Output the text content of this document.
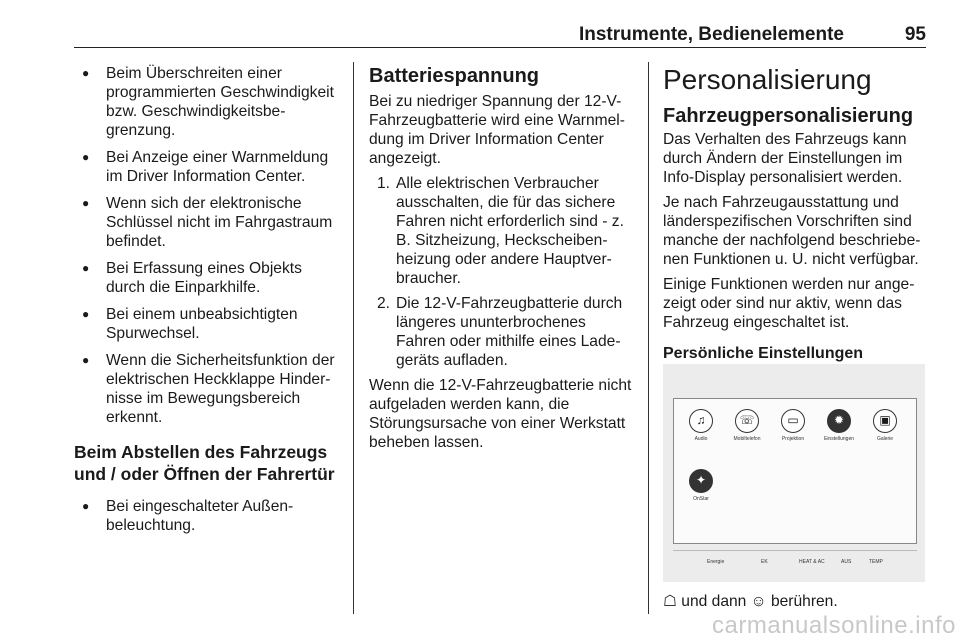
Instrumente, Bedienelemente	95
● Beim Überschreiten einer programmierten Geschwindigkeit bzw. Geschwindigkeitsbegrenzung.
● Bei Anzeige einer Warnmeldung im Driver Information Center.
● Wenn sich der elektronische Schlüssel nicht im Fahrgastraum befindet.
● Bei Erfassung eines Objekts durch die Einparkhilfe.
● Bei einem unbeabsichtigten Spurwechsel.
● Wenn die Sicherheitsfunktion der elektrischen Heckklappe Hindernisse im Bewegungsbereich erkennt.
Beim Abstellen des Fahrzeugs und / oder Öffnen der Fahrertür
● Bei eingeschalteter Außenbeleuchtung.
Batteriespannung

Bei zu niedriger Spannung der 12-V-Fahrzeugbatterie wird eine Warnmeldung im Driver Information Center angezeigt.

1. Alle elektrischen Verbraucher ausschalten, die für das sichere Fahren nicht erforderlich sind - z. B. Sitzheizung, Heckscheibenheizung oder andere Hauptverbraucher.
2. Die 12-V-Fahrzeugbatterie durch längeres ununterbrochenes Fahren oder mithilfe eines Ladegeräts aufladen.

Wenn die 12-V-Fahrzeugbatterie nicht aufgeladen werden kann, die Störungsursache von einer Werkstatt beheben lassen.

Personalisierung
Fahrzeugpersonalisierung

Das Verhalten des Fahrzeugs kann durch Ändern der Einstellungen im Info-Display personalisiert werden.

Je nach Fahrzeugausstattung und länderspezifischen Vorschriften sind manche der nachfolgend beschriebenen Funktionen u. U. nicht verfügbar.

Einige Funktionen werden nur angezeigt oder sind nur aktiv, wenn das Fahrzeug eingeschaltet ist.

Persönliche Einstellungen
♫
Audio
☏
Mobiltelefon
▭
Projektion
✹
Einstellungen
▣
Galerie
✦
OnStar
Energie	EK	HEAT & AC	AUS	TEMP
☖ und dann ☺ berühren.
carmanualsonline.info
